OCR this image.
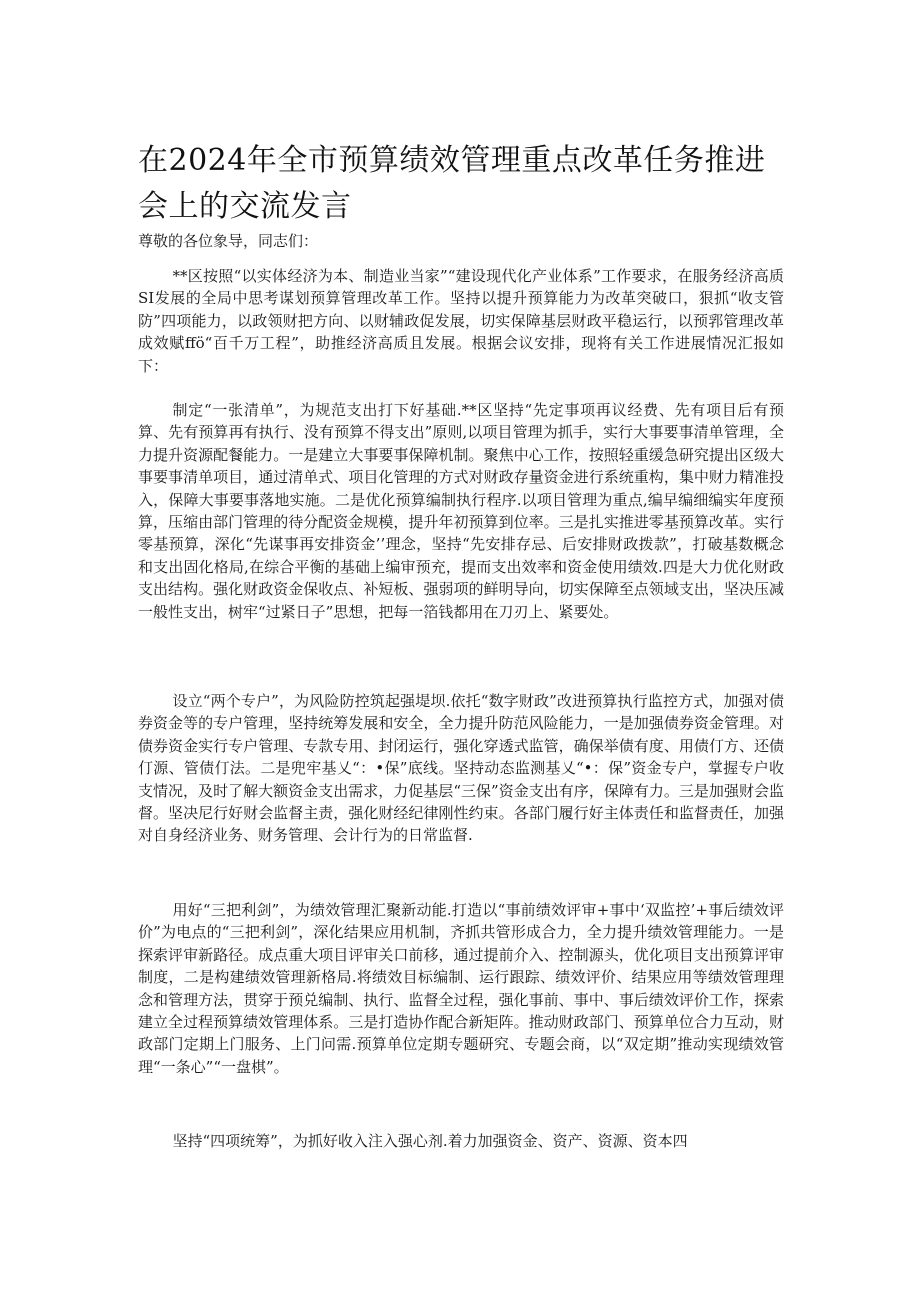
在2024年全市预算绩效管理重点改革任务推进会上的交流发言
尊敬的各位象导，同志们：

**区按照“以实体经济为本、制造业当家”“建设现代化产业体系”工作要求，在服务经济高质SI发展的全局中思考谋划预算管理改革工作。坚持以提升预算能力为改革突破口，狠抓“收支管防”四项能力，以政领财把方向、以财辅政促发展，切实保障基层财政平稳运行，以预郛管理改革成效赋ffö“百千万工程”，助推经济高质且发展。根据会议安排，现将有关工作进展情况汇报如下：

制定“一张清单”，为规范支出打下好基础.**区坚持“先定事项再议经费、先有项目后有预算、先有预算再有执行、没有预算不得支出”原则,以项目管理为抓手，实行大事要事清单管理，全力提升资源配餐能力。一是建立大事要事保障机制。聚焦中心工作，按照轻重缓急研究提出区级大事要事清单项目，通过清单式、项目化管理的方式对财政存量资金进行系统重构，集中财力精准投入，保障大事要事落地实施。二是优化预算编制执行程序.以项目管理为重点,编早编细编实年度预算，压缩由部门管理的待分配资金规模，提升年初预算到位率。三是扎实推进零基预算改革。实行零基预算，深化“先谋事再安排资金’’理念，坚持“先安排存忌、后安排财政拨款”，打破基数概念和支出固化格局,在综合平衡的基础上编审预充，提而支出效率和资金使用绩效.四是大力优化财政支出结构。强化财政资金保收点、补短板、强弱项的鲜明导向，切实保障至点领域支出，坚决压减一般性支出，树牢“过紧日子”思想，把每一箔钱都用在刀刃上、紧要处。

设立“两个专户”，为风险防控筑起强堤坝.依托“数字财政”改进预算执行监控方式，加强对债券资金等的专户管理，坚持统筹发展和安全，全力提升防范风险能力，一是加强债券资金管理。对债券资金实行专户管理、专款专用、封闭运行，强化穿透式监管，确保举债有度、用债仃方、还债仃源、管债仃法。二是兜牢基乂“：•保”底线。坚持动态监测基乂“•：保”资金专户，掌握专户收支情况，及时了解大额资金支出需求，力促基层“三保”资金支出有序，保障有力。三是加强财会监督。坚决尼行好财会监督主责，强化财经纪律刚性约束。各部门履行好主体责任和监督责任，加强对自身经济业务、财务管理、会计行为的日常监督.

用好“三把利剑”，为绩效管理汇聚新动能.打造以“事前绩效评审+事中‘双监控’+事后绩效评价”为电点的“三把利剑”，深化结果应用机制，齐抓共管形成合力，全力提升绩效管理能力。一是探索评审新路径。成点重大项目评审关口前移，通过提前介入、控制源头，优化项目支出预算评审制度，二是构建绩效管理新格局.将绩效目标编制、运行跟踪、绩效评价、结果应用等绩效管理理念和管理方法，贯穿于预兑编制、执行、监督全过程，强化事前、事中、事后绩效评价工作，探索建立全过程预算绩效管理体系。三是打造协作配合新矩阵。推动财政部门、预算单位合力互动，财政部门定期上门服务、上门问需.预算单位定期专题研究、专题会商，以“双定期”推动实现绩效管理“一条心”“一盘棋”。

坚持“四项统筹”，为抓好收入注入强心剂.着力加强资金、资产、资源、资本四
